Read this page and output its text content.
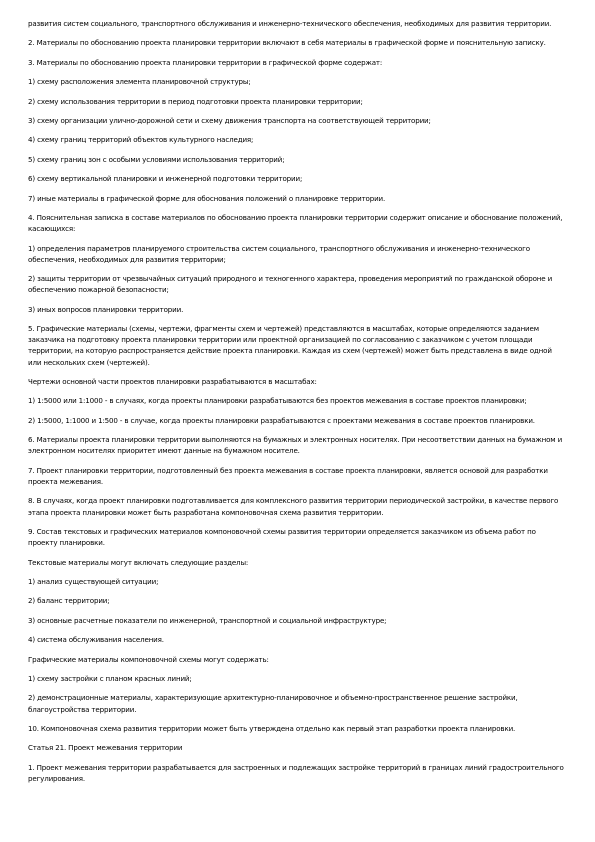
развития систем социального, транспортного обслуживания и инженерно-технического обеспечения, необходимых для развития территории.

2. Материалы по обоснованию проекта планировки территории включают в себя материалы в графической форме и пояснительную записку.

3. Материалы по обоснованию проекта планировки территории в графической форме содержат:

1) схему расположения элемента планировочной структуры;

2) схему использования территории в период подготовки проекта планировки территории;

3) схему организации улично-дорожной сети и схему движения транспорта на соответствующей территории;

4) схему границ территорий объектов культурного наследия;

5) схему границ зон с особыми условиями использования территорий;

6) схему вертикальной планировки и инженерной подготовки территории;

7) иные материалы в графической форме для обоснования положений о планировке территории.

4. Пояснительная записка в составе материалов по обоснованию проекта планировки территории содержит описание и обоснование положений, касающихся:

1) определения параметров планируемого строительства систем социального, транспортного обслуживания и инженерно-технического обеспечения, необходимых для развития территории;

2) защиты территории от чрезвычайных ситуаций природного и техногенного характера, проведения мероприятий по гражданской обороне и обеспечению пожарной безопасности;

3) иных вопросов планировки территории.

5. Графические материалы (схемы, чертежи, фрагменты схем и чертежей) представляются в масштабах, которые определяются заданием заказчика на подготовку проекта планировки территории или проектной организацией по согласованию с заказчиком с учетом площади территории, на которую распространяется действие проекта планировки. Каждая из схем (чертежей) может быть представлена в виде одной или нескольких схем (чертежей).

Чертежи основной части проектов планировки разрабатываются в масштабах:

1) 1:5000 или 1:1000 - в случаях, когда проекты планировки разрабатываются без проектов межевания в составе проектов планировки;

2) 1:5000, 1:1000 и 1:500 - в случае, когда проекты планировки разрабатываются с проектами межевания в составе проектов планировки.

6. Материалы проекта планировки территории выполняются на бумажных и электронных носителях. При несоответствии данных на бумажном и электронном носителях приоритет имеют данные на бумажном носителе.

7. Проект планировки территории, подготовленный без проекта межевания в составе проекта планировки, является основой для разработки проекта межевания.

8. В случаях, когда проект планировки подготавливается для комплексного развития территории периодической застройки, в качестве первого этапа проекта планировки может быть разработана компоновочная схема развития территории.

9. Состав текстовых и графических материалов компоновочной схемы развития территории определяется заказчиком из объема работ по проекту планировки.

Текстовые материалы могут включать следующие разделы:

1) анализ существующей ситуации;

2) баланс территории;

3) основные расчетные показатели по инженерной, транспортной и социальной инфраструктуре;

4) система обслуживания населения.

Графические материалы компоновочной схемы могут содержать:

1) схему застройки с планом красных линий;

2) демонстрационные материалы, характеризующие архитектурно-планировочное и объемно-пространственное решение застройки, благоустройства территории.

10. Компоновочная схема развития территории может быть утверждена отдельно как первый этап разработки проекта планировки.

Статья 21. Проект межевания территории

1. Проект межевания территории разрабатывается для застроенных и подлежащих застройке территорий в границах линий градостроительного регулирования.
